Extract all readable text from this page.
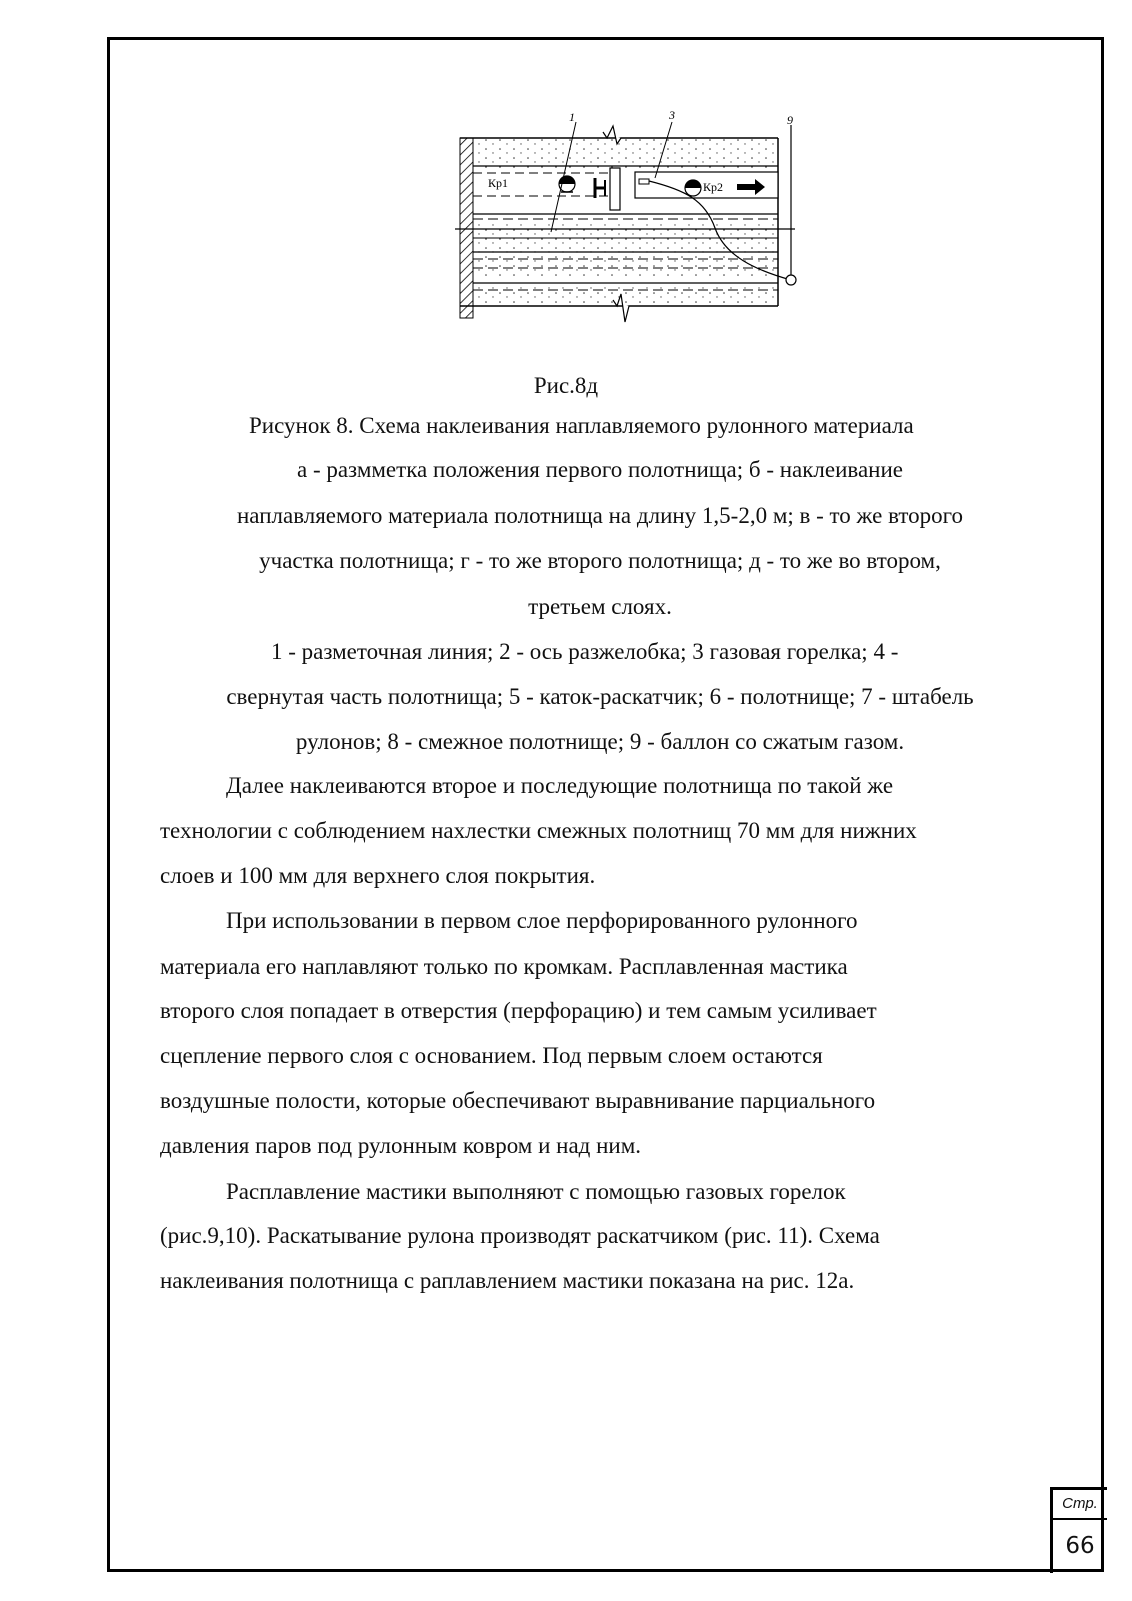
Кр1	Кр2
1	3	9
Рис.8д
Рисунок 8. Схема наклеивания наплавляемого рулонного материала
а - размметка положения первого полотнища; б - наклеивание
наплавляемого материала полотнища на длину 1,5-2,0 м; в - то же второго
участка полотнища; г - то же второго полотнища; д - то же во втором,
третьем слоях.
1 - разметочная линия; 2 - ось разжелобка; 3 газовая горелка; 4 -
свернутая часть полотнища; 5 - каток-раскатчик; 6 - полотнище; 7 - штабель
рулонов; 8 - смежное полотнище; 9 - баллон со сжатым газом.
Далее наклеиваются второе и последующие полотнища по такой же
технологии с соблюдением нахлестки смежных полотнищ 70 мм для нижних
слоев и 100 мм для верхнего слоя покрытия.
При использовании в первом слое перфорированного рулонного
материала его наплавляют только по кромкам. Расплавленная мастика
второго слоя попадает в отверстия (перфорацию) и тем самым усиливает
сцепление первого слоя с основанием. Под первым слоем остаются
воздушные полости, которые обеспечивают выравнивание парциального
давления паров под рулонным ковром и над ним.
Расплавление мастики выполняют с помощью газовых горелок
(рис.9,10). Раскатывание рулона производят раскатчиком (рис. 11). Схема
наклеивания полотнища с раплавлением мастики показана на рис. 12а.
Стр.
66
